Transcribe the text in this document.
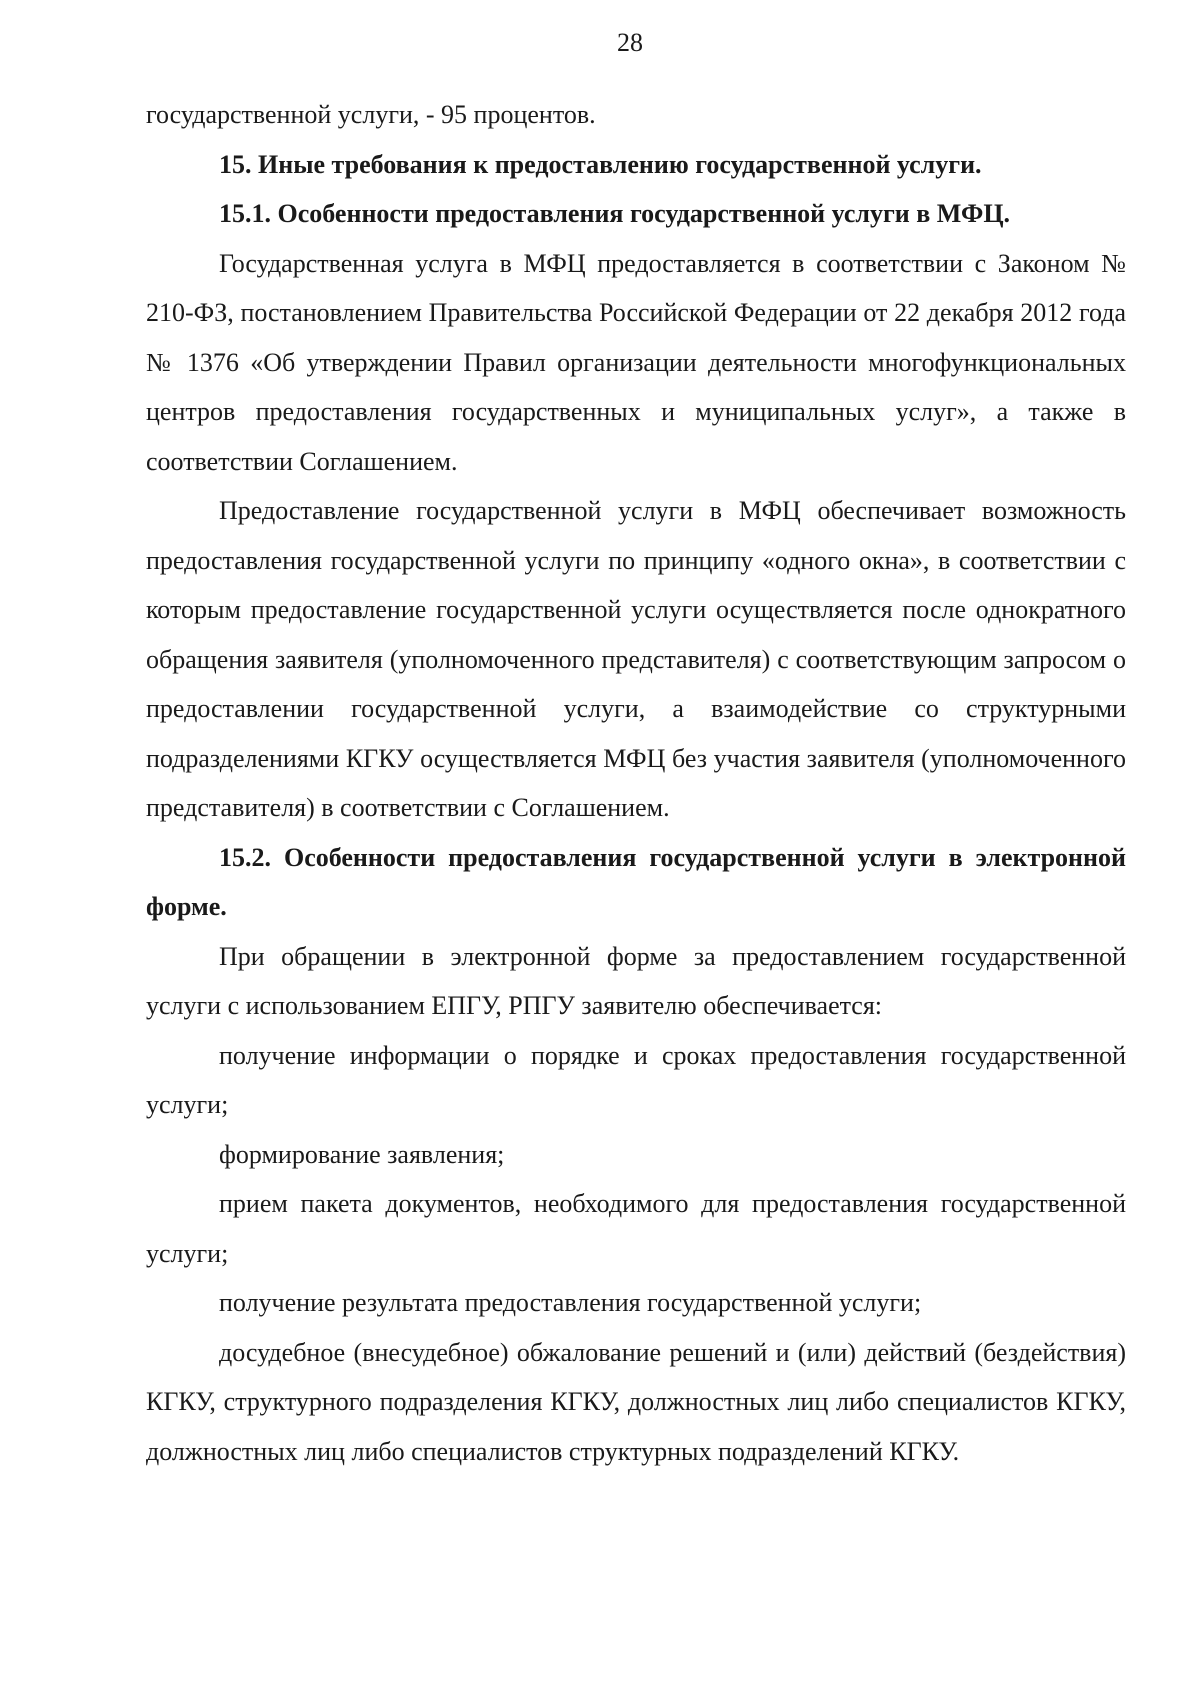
28

государственной услуги, - 95 процентов.

15. Иные требования к предоставлению государственной услуги.

15.1. Особенности предоставления государственной услуги в МФЦ.

Государственная услуга в МФЦ предоставляется в соответствии с Законом № 210-ФЗ, постановлением Правительства Российской Федерации от 22 декабря 2012 года № 1376 «Об утверждении Правил организации деятельности многофункциональных центров предоставления государственных и муниципальных услуг», а также в соответствии Соглашением.

Предоставление государственной услуги в МФЦ обеспечивает возможность предоставления государственной услуги по принципу «одного окна», в соответствии с которым предоставление государственной услуги осуществляется после однократного обращения заявителя (уполномоченного представителя) с соответствующим запросом о предоставлении государственной услуги, а взаимодействие со структурными подразделениями КГКУ осуществляется МФЦ без участия заявителя (уполномоченного представителя) в соответствии с Соглашением.

15.2. Особенности предоставления государственной услуги в электронной форме.

При обращении в электронной форме за предоставлением государственной услуги с использованием ЕПГУ, РПГУ заявителю обеспечивается:

получение информации о порядке и сроках предоставления государственной услуги;

формирование заявления;

прием пакета документов, необходимого для предоставления государственной услуги;

получение результата предоставления государственной услуги;

досудебное (внесудебное) обжалование решений и (или) действий (бездействия) КГКУ, структурного подразделения КГКУ, должностных лиц либо специалистов КГКУ, должностных лиц либо специалистов структурных подразделений КГКУ.
